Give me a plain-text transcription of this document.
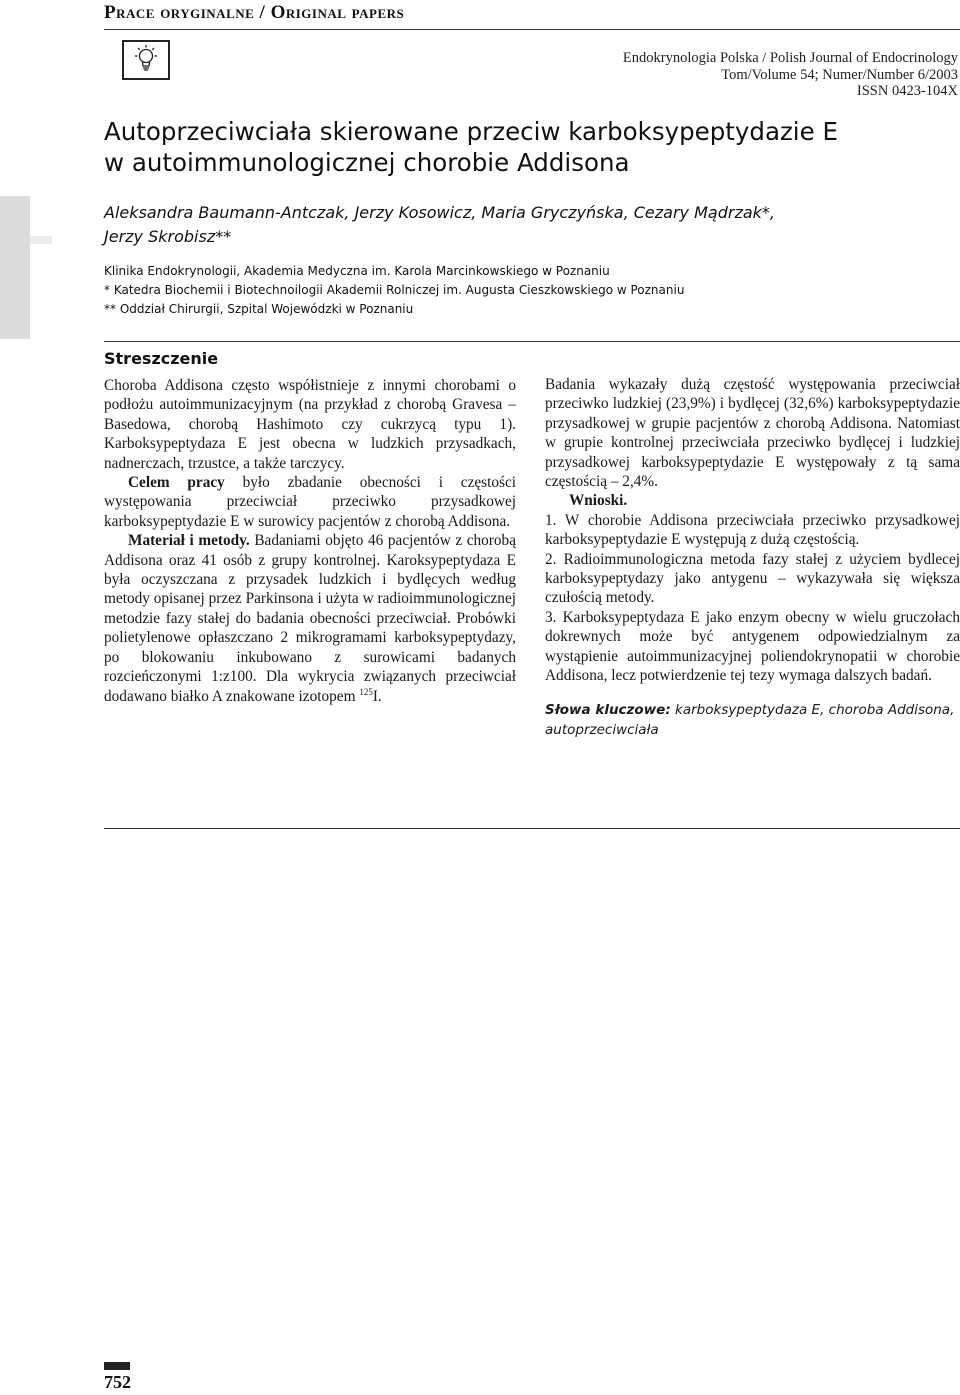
Prace oryginalne / Original papers
Endokrynologia Polska / Polish Journal of Endocrinology
Tom/Volume 54; Numer/Number 6/2003
ISSN 0423-104X
Autoprzeciwciała skierowane przeciw karboksypeptydazie E
w autoimmunologicznej chorobie Addisona
Aleksandra Baumann-Antczak, Jerzy Kosowicz, Maria Gryczyńska, Cezary Mądrzak*,
Jerzy Skrobisz**
Klinika Endokrynologii, Akademia Medyczna im. Karola Marcinkowskiego w Poznaniu
* Katedra Biochemii i Biotechnoilogii Akademii Rolniczej im. Augusta Cieszkowskiego w Poznaniu
** Oddział Chirurgii, Szpital Wojewódzki w Poznaniu
Streszczenie

Choroba Addisona często współistnieje z innymi chorobami o podłożu autoimmunizacyjnym (na przykład z chorobą Gravesa – Basedowa, chorobą Hashimoto czy cukrzycą typu 1). Karboksypeptydaza E jest obecna w ludzkich przysadkach, nadnerczach, trzustce, a także tarczycy.

Celem pracy było zbadanie obecności i częstości występowania przeciwciał przeciwko przysadkowej karboksypeptydazie E w surowicy pacjentów z chorobą Addisona.

Materiał i metody. Badaniami objęto 46 pacjentów z chorobą Addisona oraz 41 osób z grupy kontrolnej. Karoksypeptydaza E była oczyszczana z przysadek ludzkich i bydlęcych według metody opisanej przez Parkinsona i użyta w radioimmunologicznej metodzie fazy stałej do badania obecności przeciwciał. Probówki polietylenowe opłaszczano 2 mikrogramami karboksypeptydazy, po blokowaniu inkubowano z surowicami badanych rozcieńczonymi 1:z100. Dla wykrycia związanych przeciwciał dodawano białko A znakowane izotopem $^{125}$I.

Badania wykazały dużą częstość występowania przeciwciał przeciwko ludzkiej (23,9%) i bydlęcej (32,6%) karboksypeptydazie przysadkowej w grupie pacjentów z chorobą Addisona. Natomiast w grupie kontrolnej przeciwciała przeciwko bydlęcej i ludzkiej przysadkowej karboksypeptydazie E występowały z tą sama częstością – 2,4%.

Wnioski.

1. W chorobie Addisona przeciwciała przeciwko przysadkowej karboksypeptydazie E występują z dużą częstością.

2. Radioimmunologiczna metoda fazy stałej z użyciem bydlecej karboksypeptydazy jako antygenu – wykazywała się większa czułością metody.

3. Karboksypeptydaza E jako enzym obecny w wielu gruczołach dokrewnych może być antygenem odpowiedzialnym za wystąpienie autoimmunizacyjnej poliendokrynopatii w chorobie Addisona, lecz potwierdzenie tej tezy wymaga dalszych badań.

Słowa kluczowe: karboksypeptydaza E, choroba Addisona, autoprzeciwciała

752
